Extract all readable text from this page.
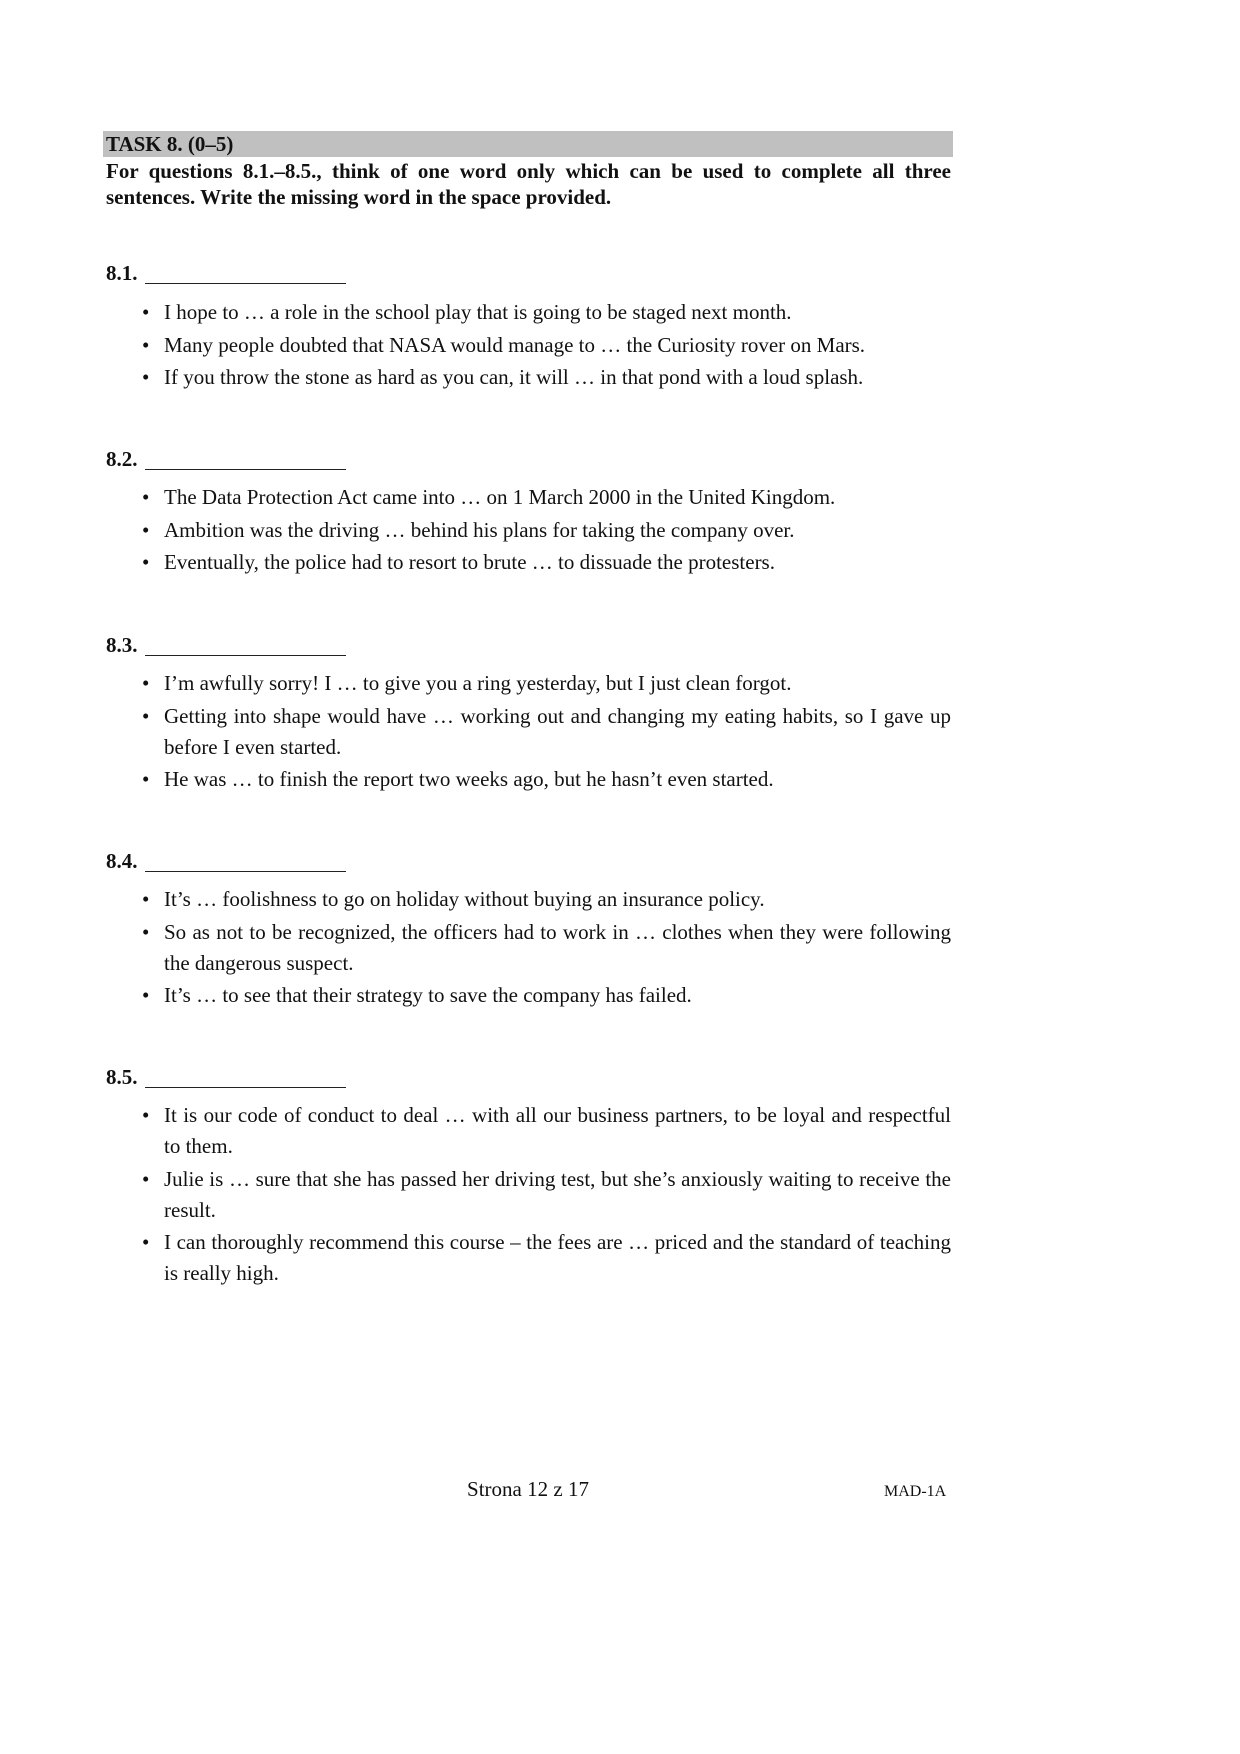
TASK 8. (0–5)
For questions 8.1.–8.5., think of one word only which can be used to complete all three sentences. Write the missing word in the space provided.
8.1.
• I hope to … a role in the school play that is going to be staged next month.
• Many people doubted that NASA would manage to … the Curiosity rover on Mars.
• If you throw the stone as hard as you can, it will … in that pond with a loud splash.
8.2.
• The Data Protection Act came into … on 1 March 2000 in the United Kingdom.
• Ambition was the driving … behind his plans for taking the company over.
• Eventually, the police had to resort to brute … to dissuade the protesters.
8.3.
• I’m awfully sorry! I … to give you a ring yesterday, but I just clean forgot.
• Getting into shape would have … working out and changing my eating habits, so I gave up before I even started.
• He was … to finish the report two weeks ago, but he hasn’t even started.
8.4.
• It’s … foolishness to go on holiday without buying an insurance policy.
• So as not to be recognized, the officers had to work in … clothes when they were following the dangerous suspect.
• It’s … to see that their strategy to save the company has failed.
8.5.
• It is our code of conduct to deal … with all our business partners, to be loyal and respectful to them.
• Julie is … sure that she has passed her driving test, but she’s anxiously waiting to receive the result.
• I can thoroughly recommend this course – the fees are … priced and the standard of teaching is really high.
Strona 12 z 17	MAD-1A
